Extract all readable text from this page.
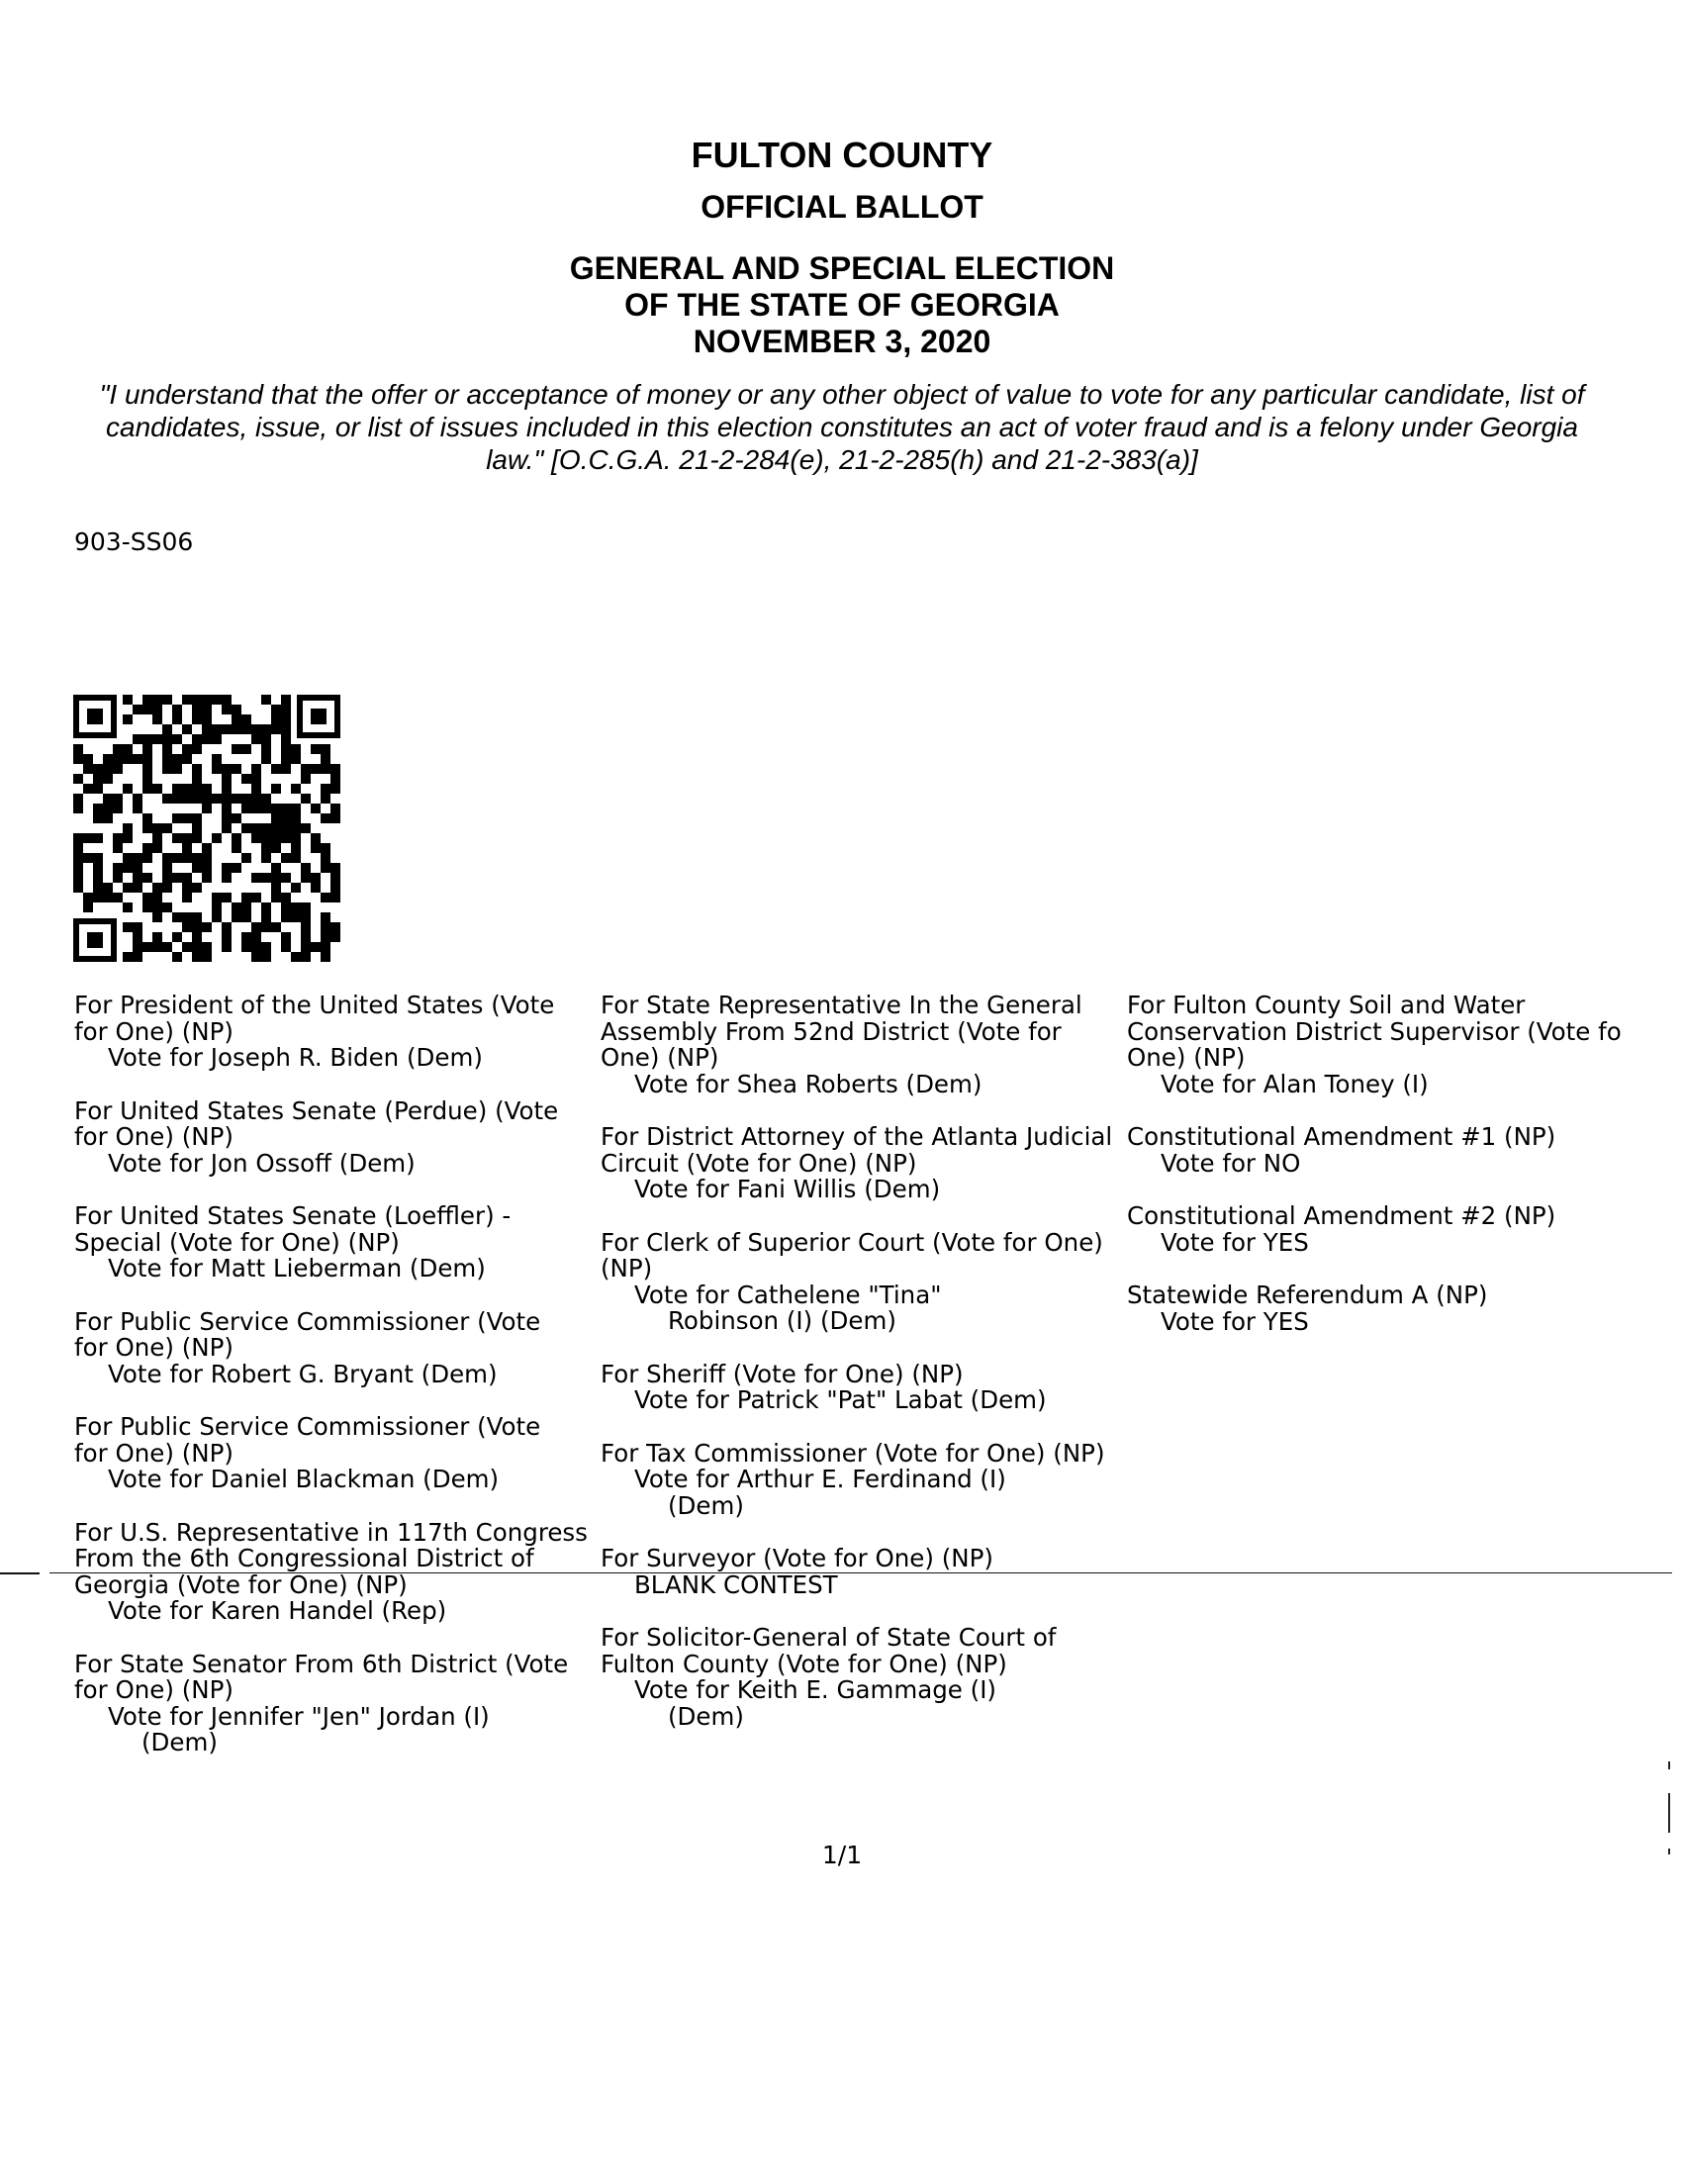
FULTON COUNTY
OFFICIAL BALLOT
GENERAL AND SPECIAL ELECTION
OF THE STATE OF GEORGIA
NOVEMBER 3, 2020
"I understand that the offer or acceptance of money or any other object of value to vote for any particular candidate, list of candidates, issue, or list of issues included in this election constitutes an act of voter fraud and is a felony under Georgia law." [O.C.G.A. 21-2-284(e), 21-2-285(h) and 21-2-383(a)]
903-SS06
For President of the United States (Vote
for One) (NP)
Vote for Joseph R. Biden (Dem)
For United States Senate (Perdue) (Vote
for One) (NP)
Vote for Jon Ossoff (Dem)
For United States Senate (Loeffler) -
Special (Vote for One) (NP)
Vote for Matt Lieberman (Dem)
For Public Service Commissioner (Vote
for One) (NP)
Vote for Robert G. Bryant (Dem)
For Public Service Commissioner (Vote
for One) (NP)
Vote for Daniel Blackman (Dem)
For U.S. Representative in 117th Congress
From the 6th Congressional District of
Georgia (Vote for One) (NP)
Vote for Karen Handel (Rep)
For State Senator From 6th District (Vote
for One) (NP)
Vote for Jennifer "Jen" Jordan (I)
(Dem)
For State Representative In the General
Assembly From 52nd District (Vote for
One) (NP)
Vote for Shea Roberts (Dem)
For District Attorney of the Atlanta Judicial
Circuit (Vote for One) (NP)
Vote for Fani Willis (Dem)
For Clerk of Superior Court (Vote for One)
(NP)
Vote for Cathelene "Tina"
Robinson (I) (Dem)
For Sheriff (Vote for One) (NP)
Vote for Patrick "Pat" Labat (Dem)
For Tax Commissioner (Vote for One) (NP)
Vote for Arthur E. Ferdinand (I)
(Dem)
For Surveyor (Vote for One) (NP)
BLANK CONTEST
For Solicitor-General of State Court of
Fulton County (Vote for One) (NP)
Vote for Keith E. Gammage (I)
(Dem)
For Fulton County Soil and Water
Conservation District Supervisor (Vote fo
One) (NP)
Vote for Alan Toney (I)
Constitutional Amendment #1 (NP)
Vote for NO
Constitutional Amendment #2 (NP)
Vote for YES
Statewide Referendum A (NP)
Vote for YES
1/1
